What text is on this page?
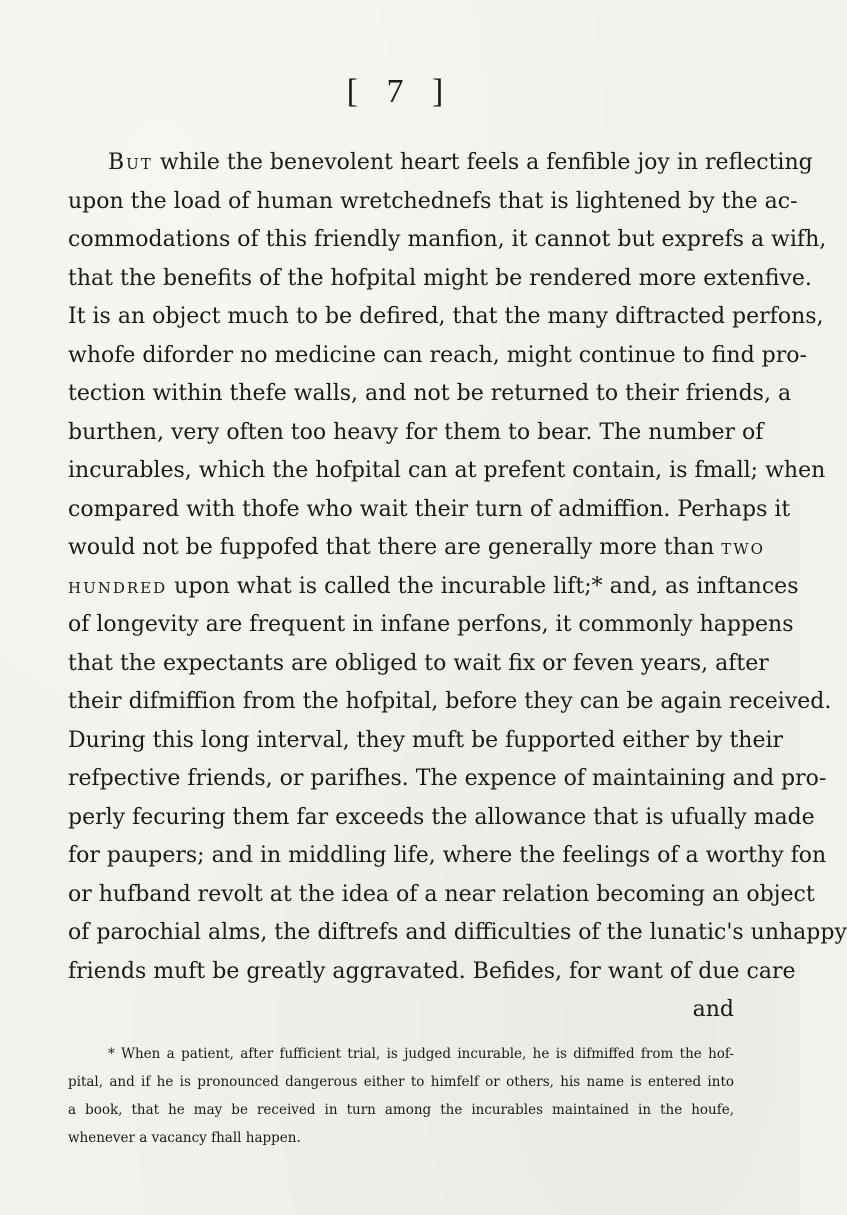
[ 7 ]
But while the benevolent heart feels a fenfible joy in reflecting
upon the load of human wretchednefs that is lightened by the ac-
commodations of this friendly manfion, it cannot but exprefs a wifh,
that the benefits of the hofpital might be rendered more extenfive.
It is an object much to be defired, that the many diftracted perfons,
whofe diforder no medicine can reach, might continue to find pro-
tection within thefe walls, and not be returned to their friends, a
burthen, very often too heavy for them to bear. The number of
incurables, which the hofpital can at prefent contain, is fmall; when
compared with thofe who wait their turn of admiffion. Perhaps it
would not be fuppofed that there are generally more than two
hundred upon what is called the incurable lift;* and, as inftances
of longevity are frequent in infane perfons, it commonly happens
that the expectants are obliged to wait fix or feven years, after
their difmiffion from the hofpital, before they can be again received.
During this long interval, they muft be fupported either by their
refpective friends, or parifhes. The expence of maintaining and pro-
perly fecuring them far exceeds the allowance that is ufually made
for paupers; and in middling life, where the feelings of a worthy fon
or hufband revolt at the idea of a near relation becoming an object
of parochial alms, the diftrefs and difficulties of the lunatic's unhappy
friends muft be greatly aggravated. Befides, for want of due care
and
* When a patient, after fufficient trial, is judged incurable, he is difmiffed from the hof-
pital, and if he is pronounced dangerous either to himfelf or others, his name is entered into
a book, that he may be received in turn among the incurables maintained in the houfe,
whenever a vacancy fhall happen.
